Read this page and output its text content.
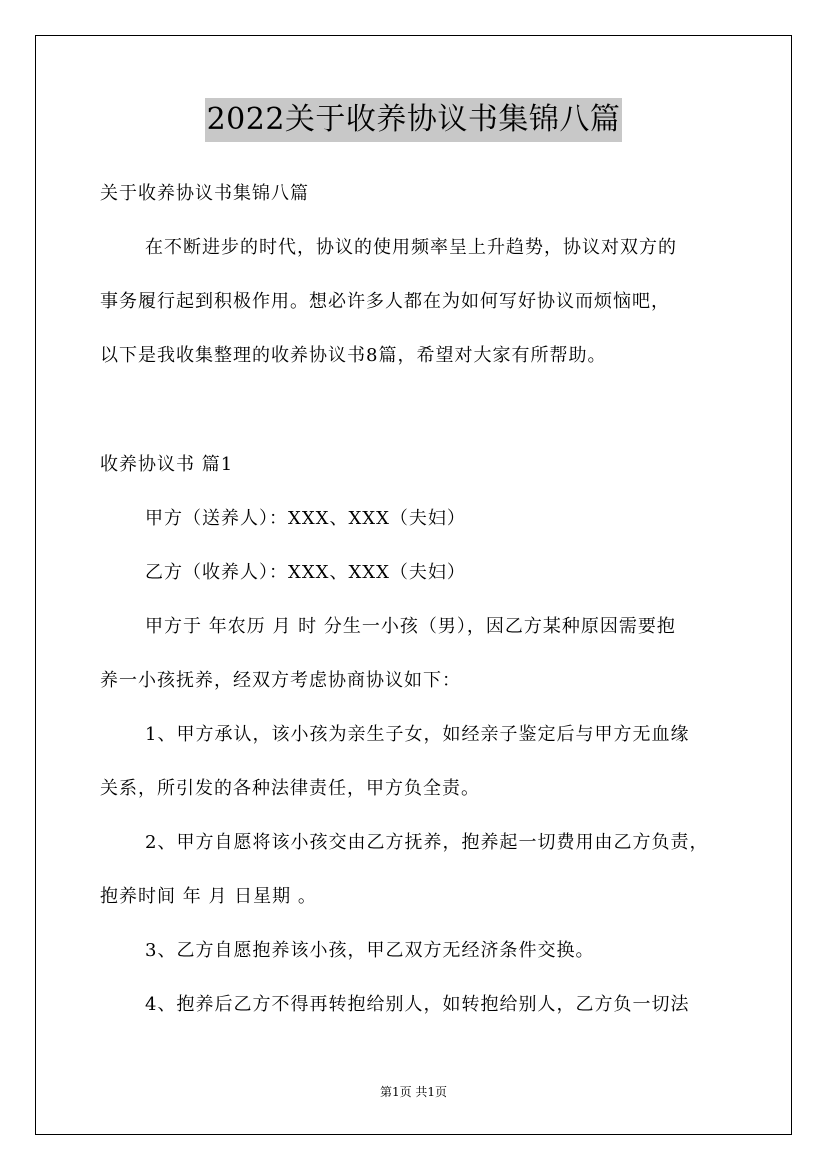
2022关于收养协议书集锦八篇
关于收养协议书集锦八篇
在不断进步的时代，协议的使用频率呈上升趋势，协议对双方的
事务履行起到积极作用。想必许多人都在为如何写好协议而烦恼吧，
以下是我收集整理的收养协议书8篇，希望对大家有所帮助。
收养协议书 篇1
甲方（送养人）：XXX、XXX（夫妇）
乙方（收养人）：XXX、XXX（夫妇）
甲方于 年农历 月 时 分生一小孩（男），因乙方某种原因需要抱
养一小孩抚养，经双方考虑协商协议如下：
1、甲方承认，该小孩为亲生子女，如经亲子鉴定后与甲方无血缘
关系，所引发的各种法律责任，甲方负全责。
2、甲方自愿将该小孩交由乙方抚养，抱养起一切费用由乙方负责，
抱养时间 年 月 日星期 。
3、乙方自愿抱养该小孩，甲乙双方无经济条件交换。
4、抱养后乙方不得再转抱给别人，如转抱给别人，乙方负一切法
第1页 共1页
